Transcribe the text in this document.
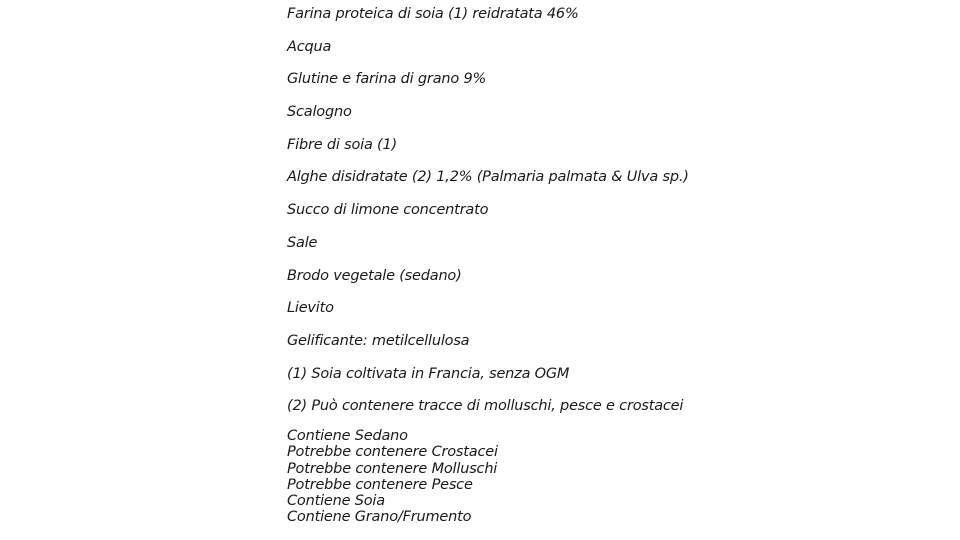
Farina proteica di soia (1) reidratata 46%
Acqua
Glutine e farina di grano 9%
Scalogno
Fibre di soia (1)
Alghe disidratate (2) 1,2% (Palmaria palmata & Ulva sp.)
Succo di limone concentrato
Sale
Brodo vegetale (sedano)
Lievito
Gelificante: metilcellulosa
(1) Soia coltivata in Francia, senza OGM
(2) Può contenere tracce di molluschi, pesce e crostacei
Contiene Sedano
Potrebbe contenere Crostacei
Potrebbe contenere Molluschi
Potrebbe contenere Pesce
Contiene Soia
Contiene Grano/Frumento
